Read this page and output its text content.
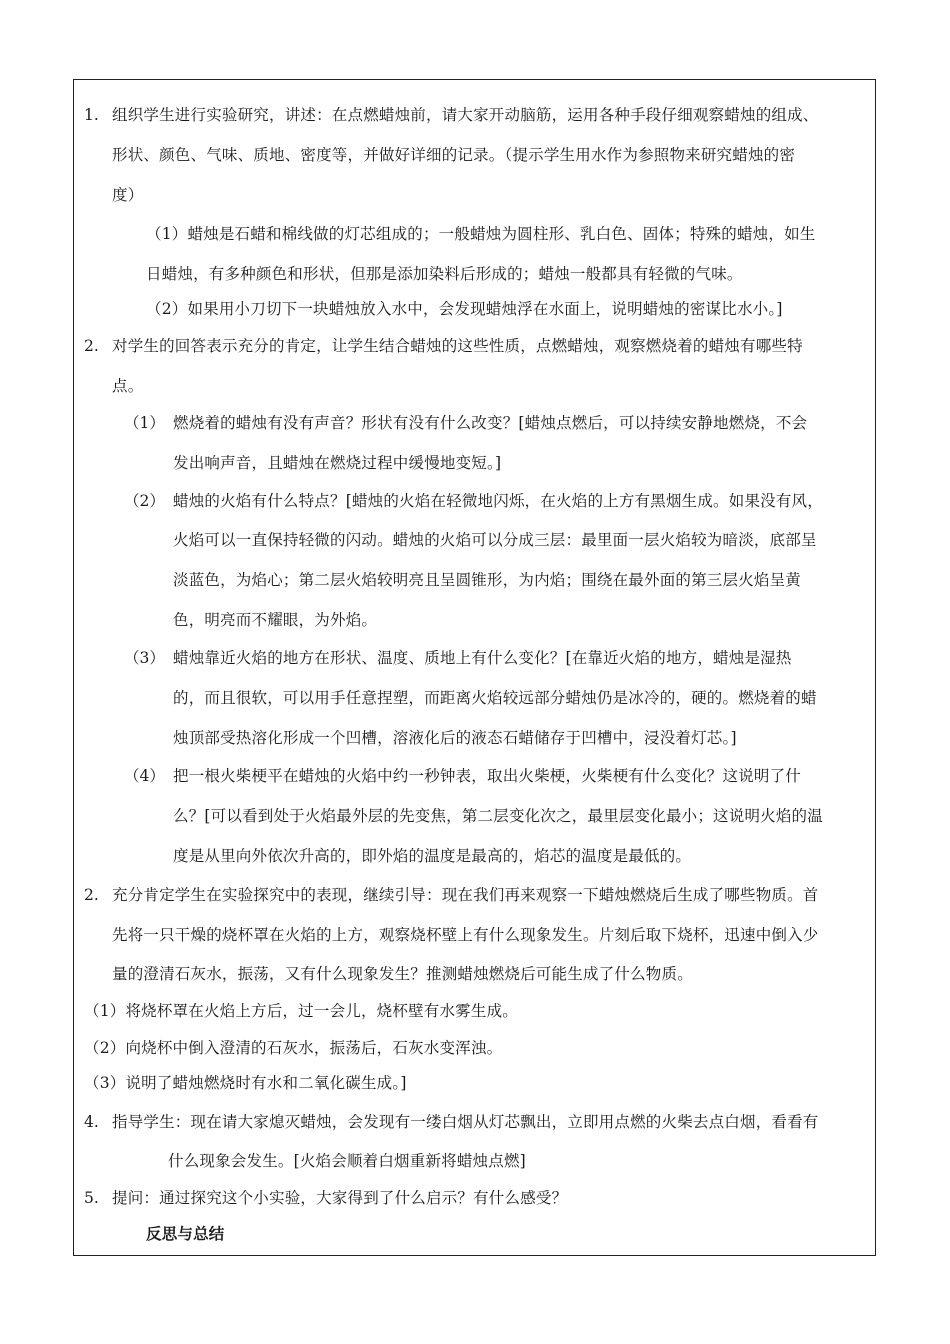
1. 组织学生进行实验研究，讲述：在点燃蜡烛前，请大家开动脑筋，运用各种手段仔细观察蜡烛的组成、
形状、颜色、气味、质地、密度等，并做好详细的记录。（提示学生用水作为参照物来研究蜡烛的密
度）
（1）蜡烛是石蜡和棉线做的灯芯组成的；一般蜡烛为圆柱形、乳白色、固体；特殊的蜡烛，如生
日蜡烛，有多种颜色和形状，但那是添加染料后形成的；蜡烛一般都具有轻微的气味。
（2）如果用小刀切下一块蜡烛放入水中，会发现蜡烛浮在水面上，说明蜡烛的密谋比水小。]
2. 对学生的回答表示充分的肯定，让学生结合蜡烛的这些性质，点燃蜡烛，观察燃烧着的蜡烛有哪些特
点。
（1） 燃烧着的蜡烛有没有声音？形状有没有什么改变？[蜡烛点燃后，可以持续安静地燃烧，不会
发出响声音，且蜡烛在燃烧过程中缓慢地变短。]
（2） 蜡烛的火焰有什么特点？[蜡烛的火焰在轻微地闪烁，在火焰的上方有黑烟生成。如果没有风，
火焰可以一直保持轻微的闪动。蜡烛的火焰可以分成三层：最里面一层火焰较为暗淡，底部呈
淡蓝色，为焰心；第二层火焰较明亮且呈圆锥形，为内焰；围绕在最外面的第三层火焰呈黄
色，明亮而不耀眼，为外焰。
（3） 蜡烛靠近火焰的地方在形状、温度、质地上有什么变化？[在靠近火焰的地方，蜡烛是湿热
的，而且很软，可以用手任意捏塑，而距离火焰较远部分蜡烛仍是冰冷的，硬的。燃烧着的蜡
烛顶部受热溶化形成一个凹槽，溶液化后的液态石蜡储存于凹槽中，浸没着灯芯。]
（4） 把一根火柴梗平在蜡烛的火焰中约一秒钟表，取出火柴梗，火柴梗有什么变化？这说明了什
么？[可以看到处于火焰最外层的先变焦，第二层变化次之，最里层变化最小；这说明火焰的温
度是从里向外依次升高的，即外焰的温度是最高的，焰芯的温度是最低的。
2. 充分肯定学生在实验探究中的表现，继续引导：现在我们再来观察一下蜡烛燃烧后生成了哪些物质。首
先将一只干燥的烧杯罩在火焰的上方，观察烧杯壁上有什么现象发生。片刻后取下烧杯，迅速中倒入少
量的澄清石灰水，振荡，又有什么现象发生？推测蜡烛燃烧后可能生成了什么物质。
（1）将烧杯罩在火焰上方后，过一会儿，烧杯壁有水雾生成。
（2）向烧杯中倒入澄清的石灰水，振荡后，石灰水变浑浊。
（3）说明了蜡烛燃烧时有水和二氧化碳生成。]
4. 指导学生：现在请大家熄灭蜡烛，会发现有一缕白烟从灯芯飘出，立即用点燃的火柴去点白烟，看看有
什么现象会发生。[火焰会顺着白烟重新将蜡烛点燃]
5. 提问：通过探究这个小实验，大家得到了什么启示？有什么感受？
反思与总结
